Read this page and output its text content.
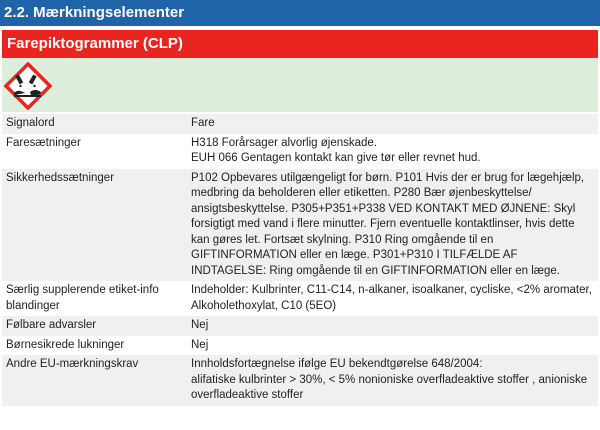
2.2. Mærkningselementer
Farepiktogrammer (CLP)
Signalord	Fare

Faresætninger	H318 Forårsager alvorlig øjenskade.
EUH 066 Gentagen kontakt kan give tør eller revnet hud.

Sikkerhedssætninger	P102 Opbevares utilgængeligt for børn. P101 Hvis der er brug for lægehjælp, medbring da beholderen eller etiketten. P280 Bær øjenbeskyttelse/ ansigtsbeskyttelse. P305+P351+P338 VED KONTAKT MED ØJNENE: Skyl forsigtigt med vand i flere minutter. Fjern eventuelle kontaktlinser, hvis dette kan gøres let. Fortsæt skylning. P310 Ring omgående til en GIFTINFORMATION eller en læge. P301+P310 I TILFÆLDE AF INDTAGELSE: Ring omgående til en GIFTINFORMATION eller en læge.

Særlig supplerende etiket-info blandinger	Indeholder: Kulbrinter, C11-C14, n-alkaner, isoalkaner, cycliske, <2% aromater, Alkoholethoxylat, C10 (5EO)

Følbare advarsler	Nej

Børnesikrede lukninger	Nej

Andre EU-mærkningskrav	Innholdsfortægnelse ifølge EU bekendtgørelse 648/2004:
alifatiske kulbrinter > 30%, < 5% nonioniske overfladeaktive stoffer , anioniske overfladeaktive stoffer
